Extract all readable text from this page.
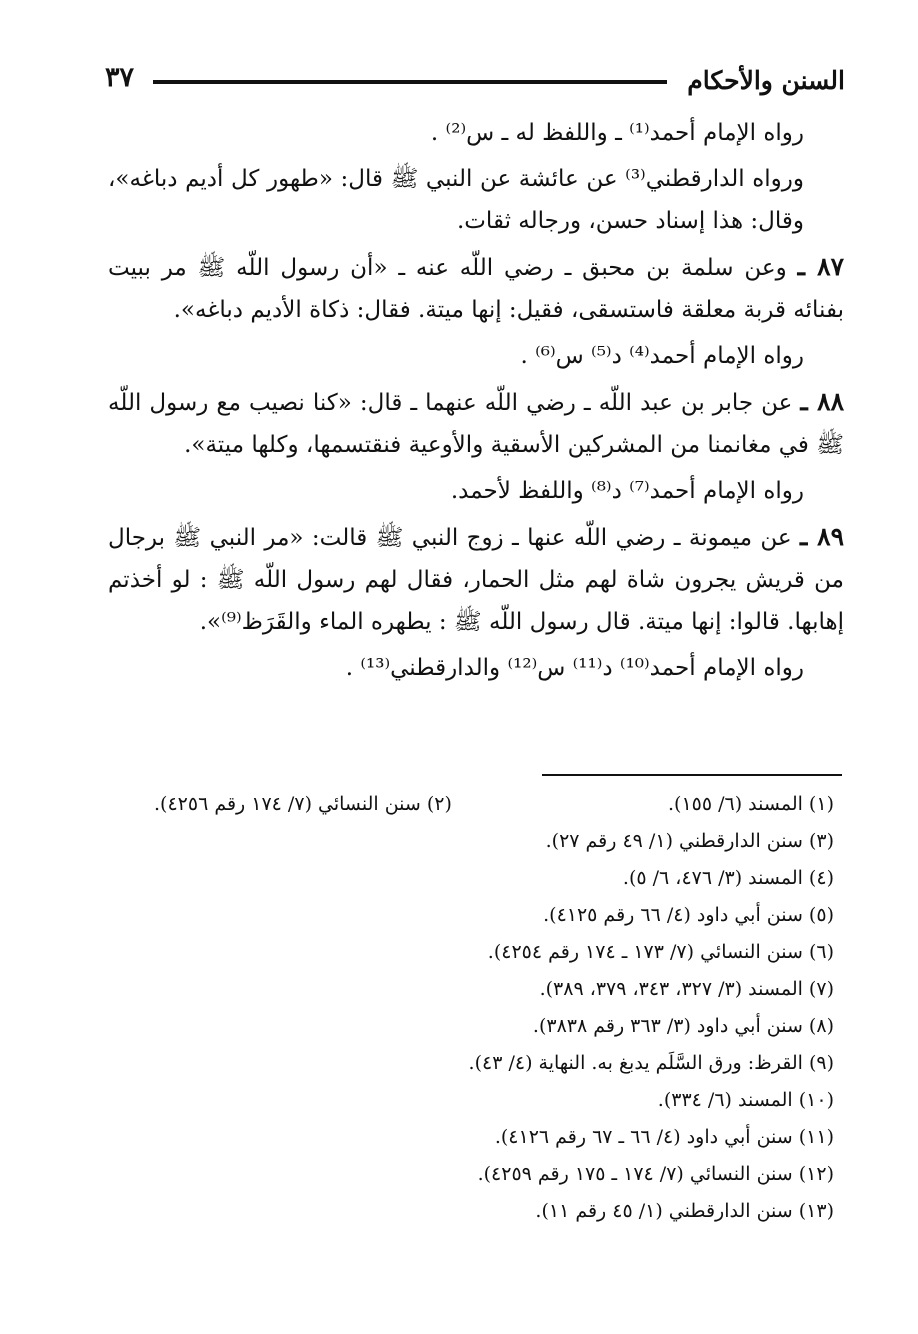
السنن والأحكام
٣٧

رواه الإمام أحمد⁽¹⁾ ـ واللفظ له ـ س⁽²⁾ .

ورواه الدارقطني⁽³⁾ عن عائشة عن النبي ﷺ قال: «طهور كل أديم دباغه»، وقال: هذا إسناد حسن، ورجاله ثقات.

٨٧ ـ وعن سلمة بن محبق ـ رضي اللّه عنه ـ «أن رسول اللّه ﷺ مر ببيت بفنائه قربة معلقة فاستسقى، فقيل: إنها ميتة. فقال: ذكاة الأديم دباغه».

رواه الإمام أحمد⁽⁴⁾ د⁽⁵⁾ س⁽⁶⁾ .

٨٨ ـ عن جابر بن عبد اللّه ـ رضي اللّه عنهما ـ قال: «كنا نصيب مع رسول اللّه ﷺ في مغانمنا من المشركين الأسقية والأوعية فنقتسمها، وكلها ميتة».

رواه الإمام أحمد⁽⁷⁾ د⁽⁸⁾ واللفظ لأحمد.

٨٩ ـ عن ميمونة ـ رضي اللّه عنها ـ زوج النبي ﷺ قالت: «مر النبي ﷺ برجال من قريش يجرون شاة لهم مثل الحمار، فقال لهم رسول اللّه ﷺ : لو أخذتم إهابها. قالوا: إنها ميتة. قال رسول اللّه ﷺ : يطهره الماء والقَرَظ⁽⁹⁾».

رواه الإمام أحمد⁽¹⁰⁾ د⁽¹¹⁾ س⁽¹²⁾ والدارقطني⁽¹³⁾ .

(١) المسند (٦/ ١٥٥).
(٢) سنن النسائي (٧/ ١٧٤ رقم ٤٢٥٦).
(٣) سنن الدارقطني (١/ ٤٩ رقم ٢٧).
(٤) المسند (٣/ ٤٧٦، ٦/ ٥).
(٥) سنن أبي داود (٤/ ٦٦ رقم ٤١٢٥).
(٦) سنن النسائي (٧/ ١٧٣ ـ ١٧٤ رقم ٤٢٥٤).
(٧) المسند (٣/ ٣٢٧، ٣٤٣، ٣٧٩، ٣٨٩).
(٨) سنن أبي داود (٣/ ٣٦٣ رقم ٣٨٣٨).
(٩) القرظ: ورق السَّلَم يدبغ به. النهاية (٤/ ٤٣).
(١٠) المسند (٦/ ٣٣٤).
(١١) سنن أبي داود (٤/ ٦٦ ـ ٦٧ رقم ٤١٢٦).
(١٢) سنن النسائي (٧/ ١٧٤ ـ ١٧٥ رقم ٤٢٥٩).
(١٣) سنن الدارقطني (١/ ٤٥ رقم ١١).
